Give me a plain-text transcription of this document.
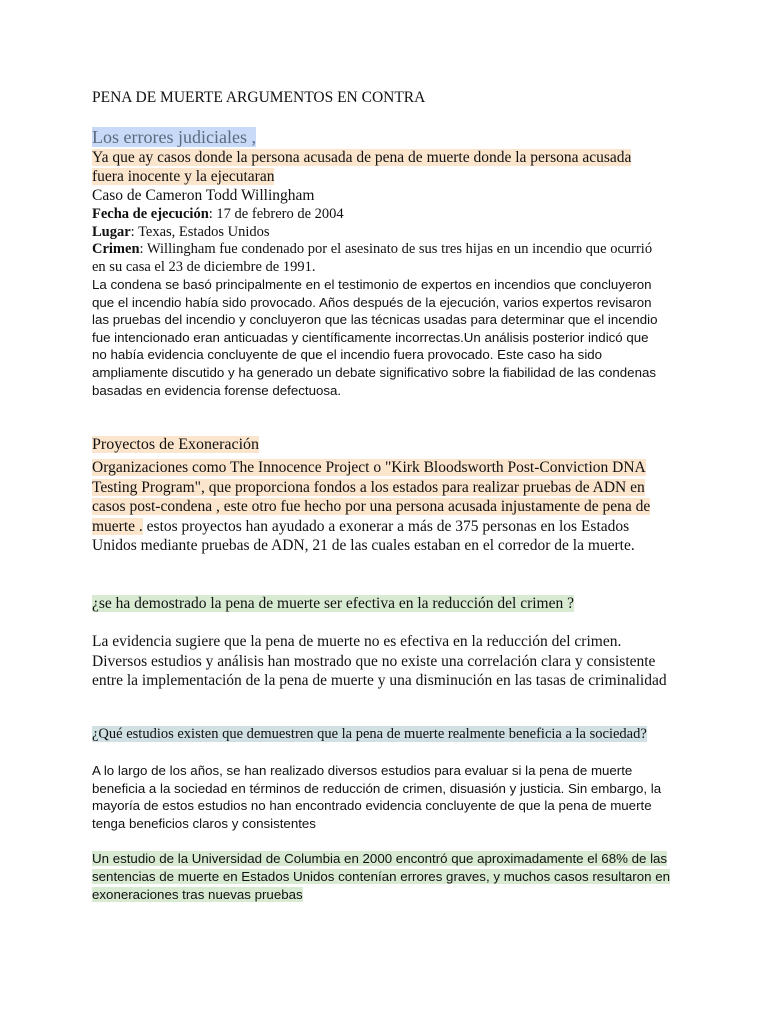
PENA DE MUERTE ARGUMENTOS EN CONTRA
Los errores judiciales ,
Ya que ay casos donde la persona acusada de pena de muerte donde la persona acusada fuera inocente y la ejecutaran
Caso de Cameron Todd Willingham
Fecha de ejecución: 17 de febrero de 2004
Lugar: Texas, Estados Unidos
Crimen: Willingham fue condenado por el asesinato de sus tres hijas en un incendio que ocurrió en su casa el 23 de diciembre de 1991.
La condena se basó principalmente en el testimonio de expertos en incendios que concluyeron que el incendio había sido provocado. Años después de la ejecución, varios expertos revisaron las pruebas del incendio y concluyeron que las técnicas usadas para determinar que el incendio fue intencionado eran anticuadas y científicamente incorrectas.Un análisis posterior indicó que no había evidencia concluyente de que el incendio fuera provocado. Este caso ha sido ampliamente discutido y ha generado un debate significativo sobre la fiabilidad de las condenas basadas en evidencia forense defectuosa.
Proyectos de Exoneración
Organizaciones como The Innocence Project o "Kirk Bloodsworth Post-Conviction DNA Testing Program", que proporciona fondos a los estados para realizar pruebas de ADN en casos post-condena , este otro fue hecho por una persona acusada injustamente de pena de muerte . estos proyectos han ayudado a exonerar a más de 375 personas en los Estados Unidos mediante pruebas de ADN, 21 de las cuales estaban en el corredor de la muerte.
¿se ha demostrado la pena de muerte ser efectiva en la reducción del crimen ?
La evidencia sugiere que la pena de muerte no es efectiva en la reducción del crimen. Diversos estudios y análisis han mostrado que no existe una correlación clara y consistente entre la implementación de la pena de muerte y una disminución en las tasas de criminalidad
¿Qué estudios existen que demuestren que la pena de muerte realmente beneficia a la sociedad?
A lo largo de los años, se han realizado diversos estudios para evaluar si la pena de muerte beneficia a la sociedad en términos de reducción de crimen, disuasión y justicia. Sin embargo, la mayoría de estos estudios no han encontrado evidencia concluyente de que la pena de muerte tenga beneficios claros y consistentes
Un estudio de la Universidad de Columbia en 2000 encontró que aproximadamente el 68% de las sentencias de muerte en Estados Unidos contenían errores graves, y muchos casos resultaron en exoneraciones tras nuevas pruebas
